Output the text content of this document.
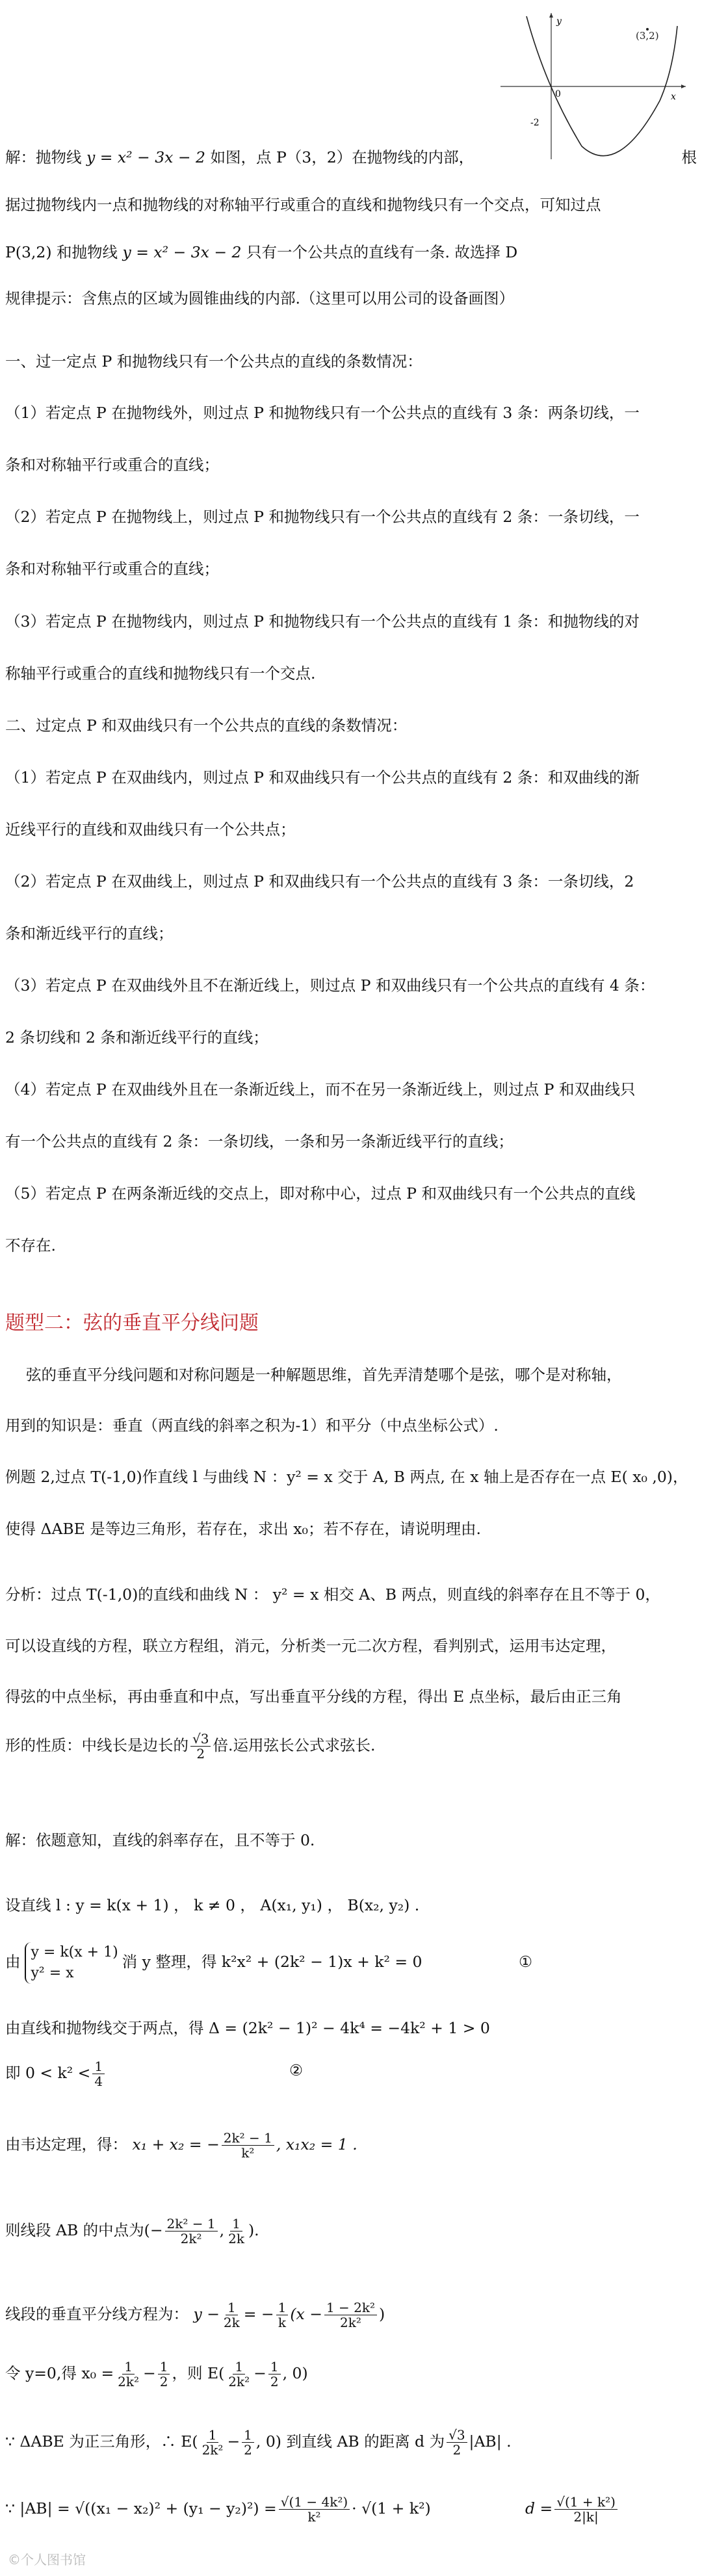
(3,2)
y
x
0
-2
解：抛物线 y = x² − 3x − 2 如图，点 P（3，2）在抛物线的内部，	根
据过抛物线内一点和抛物线的对称轴平行或重合的直线和抛物线只有一个交点，可知过点
P(3,2) 和抛物线 y = x² − 3x − 2 只有一个公共点的直线有一条. 故选择 D
规律提示：含焦点的区域为圆锥曲线的内部.（这里可以用公司的设备画图）
一、过一定点 P 和抛物线只有一个公共点的直线的条数情况：
（1）若定点 P 在抛物线外，则过点 P 和抛物线只有一个公共点的直线有 3 条：两条切线，一
条和对称轴平行或重合的直线；
（2）若定点 P 在抛物线上，则过点 P 和抛物线只有一个公共点的直线有 2 条：一条切线，一
条和对称轴平行或重合的直线；
（3）若定点 P 在抛物线内，则过点 P 和抛物线只有一个公共点的直线有 1 条：和抛物线的对
称轴平行或重合的直线和抛物线只有一个交点.
二、过定点 P 和双曲线只有一个公共点的直线的条数情况：
（1）若定点 P 在双曲线内，则过点 P 和双曲线只有一个公共点的直线有 2 条：和双曲线的渐
近线平行的直线和双曲线只有一个公共点；
（2）若定点 P 在双曲线上，则过点 P 和双曲线只有一个公共点的直线有 3 条：一条切线，2
条和渐近线平行的直线；
（3）若定点 P 在双曲线外且不在渐近线上，则过点 P 和双曲线只有一个公共点的直线有 4 条：
2 条切线和 2 条和渐近线平行的直线；
（4）若定点 P 在双曲线外且在一条渐近线上，而不在另一条渐近线上，则过点 P 和双曲线只
有一个公共点的直线有 2 条：一条切线，一条和另一条渐近线平行的直线；
（5）若定点 P 在两条渐近线的交点上，即对称中心，过点 P 和双曲线只有一个公共点的直线
不存在.
题型二：弦的垂直平分线问题
弦的垂直平分线问题和对称问题是一种解题思维，首先弄清楚哪个是弦，哪个是对称轴，
用到的知识是：垂直（两直线的斜率之积为-1）和平分（中点坐标公式）.
例题 2,过点 T(-1,0)作直线 l 与曲线 N ：y² = x 交于 A, B 两点, 在 x 轴上是否存在一点 E( x₀ ,0)，
使得 ΔABE 是等边三角形，若存在，求出 x₀；若不存在，请说明理由.
分析：过点 T(-1,0)的直线和曲线 N ： y² = x 相交 A、B 两点，则直线的斜率存在且不等于 0，
可以设直线的方程，联立方程组，消元，分析类一元二次方程，看判别式，运用韦达定理，
得弦的中点坐标，再由垂直和中点，写出垂直平分线的方程，得出 E 点坐标，最后由正三角
形的性质：中线长是边长的 $\frac{√3}{2}$ 倍.运用弦长公式求弦长.
解：依题意知，直线的斜率存在，且不等于 0.
设直线 l : y = k(x + 1) ， k ≠ 0 ， A(x₁, y₁) ， B(x₂, y₂) .
由
y = k(x + 1)
y² = x
消 y 整理，得 k²x² + (2k² − 1)x + k² = 0	①
由直线和抛物线交于两点，得 Δ = (2k² − 1)² − 4k⁴ = −4k² + 1 > 0
即 $0 < k^2 < \frac{1}{4}$	②
由韦达定理，得： x₁ + x₂ = − $\frac{\text{2k² − 1}}{\text{k²}}$ , x₁x₂ = 1 .
则线段 AB 的中点为(− $\frac{\text{2k² − 1}}{\text{2k²}}$ , $\frac{1}{2k}$ ).
线段的垂直平分线方程为： $y - \frac{1}{2k}$ = − $\frac{1}{k} (x - \frac{\text{1 − 2k²}}{\text{2k²}}$ )
令 y=0,得 $x_0 = \frac{1}{\text{2k²}} - \frac{1}{2}$ ，则 $E( \frac{1}{\text{2k²}} - \frac{1}{2}$ , 0)
∵ ΔABE 为正三角形，∴ $E( \frac{1}{\text{2k²}} - \frac{1}{2}$ , 0) 到直线 AB 的距离 d 为 $\frac{√3}{2} |AB|$ .
∵ $|AB| = √((x_1 - x_2)^2 + (y_1 - y_2)^2) = \frac{\text{√(1 − 4k²)}}{\text{k²}} \cdot √(1 + k^2)$	$d = \frac{\text{√(1 + k²)}}{2|k|}$
©个人图书馆
